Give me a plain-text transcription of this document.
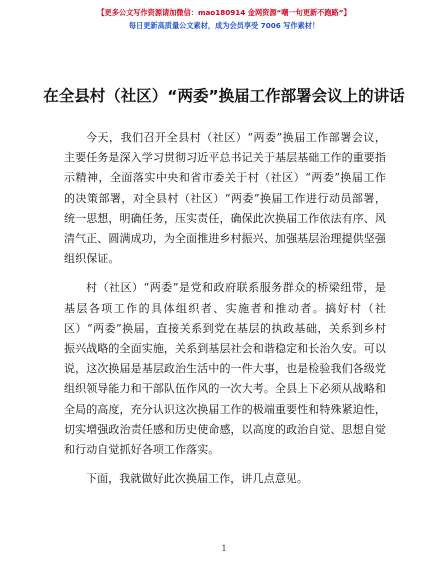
【更多公文写作资源请加微信：mao180914 金网资源“嘲一句更新不跑路”】
每日更新高质量公文素材，成为会员享受 7006 写作素材！
在全县村（社区）“两委”换届工作部署会议上的讲话

今天，我们召开全县村（社区）“两委”换届工作部署会议，主要任务是深入学习贯彻习近平总书记关于基层基础工作的重要指示精神，全面落实中央和省市委关于村（社区）“两委”换届工作的决策部署，对全县村（社区）“两委”换届工作进行动员部署，统一思想，明确任务，压实责任，确保此次换届工作依法有序、风清气正、圆满成功，为全面推进乡村振兴、加强基层治理提供坚强组织保证。

村（社区）“两委”是党和政府联系服务群众的桥梁纽带，是基层各项工作的具体组织者、实施者和推动者。搞好村（社区）“两委”换届，直接关系到党在基层的执政基础，关系到乡村振兴战略的全面实施，关系到基层社会和谐稳定和长治久安。可以说，这次换届是基层政治生活中的一件大事，也是检验我们各级党组织领导能力和干部队伍作风的一次大考。全县上下必须从战略和全局的高度，充分认识这次换届工作的极端重要性和特殊紧迫性，切实增强政治责任感和历史使命感，以高度的政治自觉、思想自觉和行动自觉抓好各项工作落实。

下面，我就做好此次换届工作，讲几点意见。

1
